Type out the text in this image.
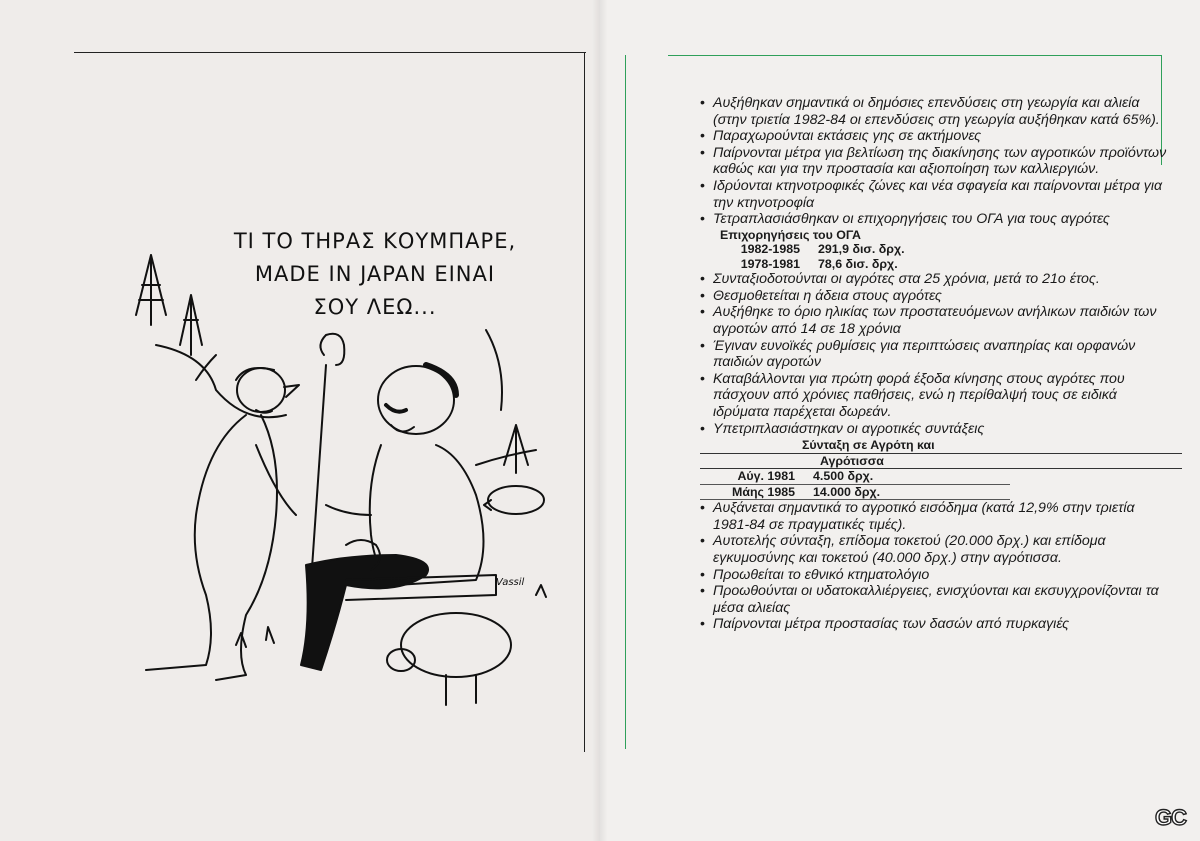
Vassil
ΤΙ ΤΟ ΤΗΡΑΣ ΚΟΥΜΠΑΡΕ,
MADE IN JAPAN ΕΙΝΑΙ
ΣΟΥ ΛΕΩ...

• Αυξήθηκαν σημαντικά οι δημόσιες επενδύσεις στη γεωργία και αλιεία (στην τριετία 1982-84 οι επενδύσεις στη γεωργία αυξήθηκαν κατά 65%).

• Παραχωρούνται εκτάσεις γης σε ακτήμονες

• Παίρνονται μέτρα για βελτίωση της διακίνησης των αγροτικών προϊόντων καθώς και για την προστασία και αξιοποίηση των καλλιεργιών.

• Ιδρύονται κτηνοτροφικές ζώνες και νέα σφαγεία και παίρνονται μέτρα για την κτηνοτροφία

• Τετραπλασιάσθηκαν οι επιχορηγήσεις του ΟΓΑ για τους αγρότες

Επιχορηγήσεις του ΟΓΑ
1982-1985 291,9 δισ. δρχ.
1978-1981 78,6 δισ. δρχ.

• Συνταξιοδοτούνται οι αγρότες στα 25 χρόνια, μετά το 21ο έτος.

• Θεσμοθετείται η άδεια στους αγρότες

• Αυξήθηκε το όριο ηλικίας των προστατευόμενων ανήλικων παιδιών των αγροτών από 14 σε 18 χρόνια

• Έγιναν ευνοϊκές ρυθμίσεις για περιπτώσεις αναπηρίας και ορφανών παιδιών αγροτών

• Καταβάλλονται για πρώτη φορά έξοδα κίνησης στους αγρότες που πάσχουν από χρόνιες παθήσεις, ενώ η περίθαλψή τους σε ειδικά ιδρύματα παρέχεται δωρεάν.

• Υπετριπλασιάστηκαν οι αγροτικές συντάξεις

Σύνταξη σε Αγρότη και
Αγρότισσα
Αύγ. 1981 4.500 δρχ.
Μάης 1985 14.000 δρχ.

• Αυξάνεται σημαντικά το αγροτικό εισόδημα (κατά 12,9% στην τριετία 1981-84 σε πραγματικές τιμές).

• Αυτοτελής σύνταξη, επίδομα τοκετού (20.000 δρχ.) και επίδομα εγκυμοσύνης και τοκετού (40.000 δρχ.) στην αγρότισσα.

• Προωθείται το εθνικό κτηματολόγιο

• Προωθούνται οι υδατοκαλλιέργειες, ενισχύονται και εκσυγχρονίζονται τα μέσα αλιείας

• Παίρνονται μέτρα προστασίας των δασών από πυρκαγιές

GC
